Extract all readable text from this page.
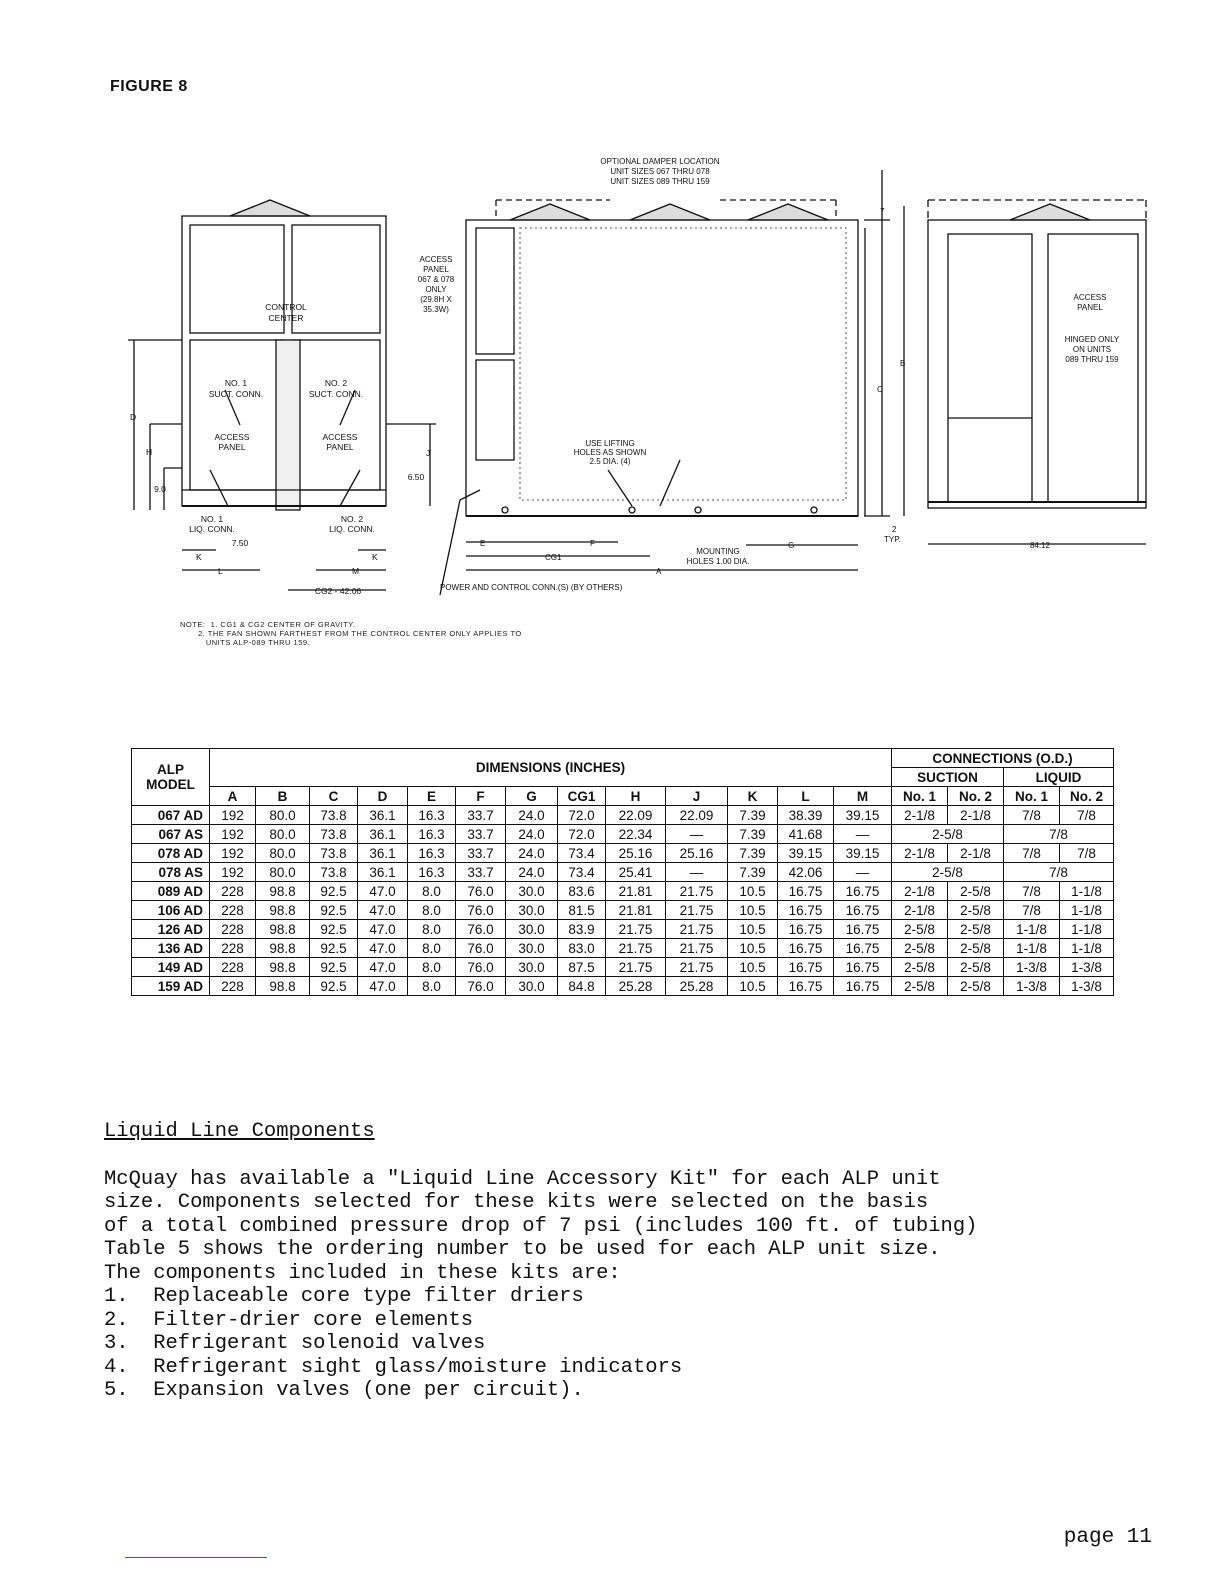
FIGURE 8
CONTROL
CENTER
NO. 1
SUCT. CONN.
NO. 2
SUCT. CONN.
ACCESS
PANEL
ACCESS
PANEL
NO. 1
LIQ. CONN.
NO. 2
LIQ. CONN.
7.50
6.50
9.0
CG2 - 42.06
D
H	J
K	K
L	M
OPTIONAL DAMPER LOCATION
UNIT SIZES 067 THRU 078
UNIT SIZES 089 THRU 159
ACCESS
PANEL
067 & 078
ONLY
(29.8H X
35.3W)
USE LIFTING
HOLES AS SHOWN
2.5 DIA. (4)
MOUNTING
HOLES 1.00 DIA.
POWER AND CONTROL CONN.(S) (BY OTHERS)
E	F	G
CG1
A
7
C
B
2
TYP.
ACCESS
PANEL
HINGED ONLY
ON UNITS
089 THRU 159
84.12
NOTE:  1. CG1 & CG2 CENTER OF GRAVITY.
2. THE FAN SHOWN FARTHEST FROM THE CONTROL CENTER ONLY APPLIES TO
UNITS ALP-089 THRU 159.
ALP
MODEL	DIMENSIONS (INCHES)													CONNECTIONS (O.D.)			
														SUCTION		LIQUID	
	A	B	C	D	E	F	G	CG1	H	J	K	L	M	No. 1	No. 2	No. 1	No. 2
067 AD	192	80.0	73.8	36.1	16.3	33.7	24.0	72.0	22.09	22.09	7.39	38.39	39.15	2-1/8	2-1/8	7/8	7/8
067 AS	192	80.0	73.8	36.1	16.3	33.7	24.0	72.0	22.34	—	7.39	41.68	—	2-5/8		7/8	
078 AD	192	80.0	73.8	36.1	16.3	33.7	24.0	73.4	25.16	25.16	7.39	39.15	39.15	2-1/8	2-1/8	7/8	7/8
078 AS	192	80.0	73.8	36.1	16.3	33.7	24.0	73.4	25.41	—	7.39	42.06	—	2-5/8		7/8	
089 AD	228	98.8	92.5	47.0	8.0	76.0	30.0	83.6	21.81	21.75	10.5	16.75	16.75	2-1/8	2-5/8	7/8	1-1/8
106 AD	228	98.8	92.5	47.0	8.0	76.0	30.0	81.5	21.81	21.75	10.5	16.75	16.75	2-1/8	2-5/8	7/8	1-1/8
126 AD	228	98.8	92.5	47.0	8.0	76.0	30.0	83.9	21.75	21.75	10.5	16.75	16.75	2-5/8	2-5/8	1-1/8	1-1/8
136 AD	228	98.8	92.5	47.0	8.0	76.0	30.0	83.0	21.75	21.75	10.5	16.75	16.75	2-5/8	2-5/8	1-1/8	1-1/8
149 AD	228	98.8	92.5	47.0	8.0	76.0	30.0	87.5	21.75	21.75	10.5	16.75	16.75	2-5/8	2-5/8	1-3/8	1-3/8
159 AD	228	98.8	92.5	47.0	8.0	76.0	30.0	84.8	25.28	25.28	10.5	16.75	16.75	2-5/8	2-5/8	1-3/8	1-3/8
Liquid Line Components
McQuay has available a "Liquid Line Accessory Kit" for each ALP unit
size. Components selected for these kits were selected on the basis
of a total combined pressure drop of 7 psi (includes 100 ft. of tubing)
Table 5 shows the ordering number to be used for each ALP unit size.
The components included in these kits are:
1.  Replaceable core type filter driers
2.  Filter-drier core elements
3.  Refrigerant solenoid valves
4.  Refrigerant sight glass/moisture indicators
5.  Expansion valves (one per circuit).
page 11
